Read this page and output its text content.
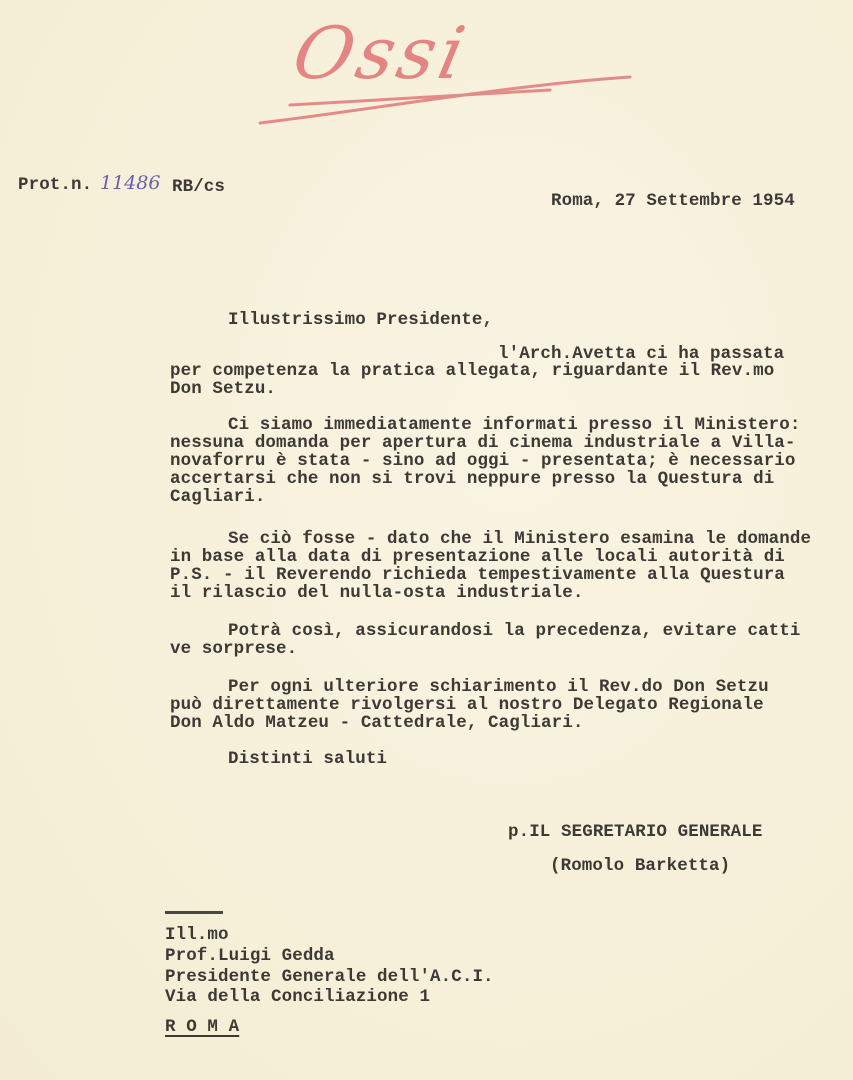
Ossi
Prot.n. 11486 RB/cs
Roma, 27 Settembre 1954
Illustrissimo Presidente,
l'Arch.Avetta ci ha passata
per competenza la pratica allegata, riguardante il Rev.mo
Don Setzu.
Ci siamo immediatamente informati presso il Ministero:
nessuna domanda per apertura di cinema industriale a Villa-
novaforru è stata - sino ad oggi - presentata; è necessario
accertarsi che non si trovi neppure presso la Questura di
Cagliari.
Se ciò fosse - dato che il Ministero esamina le domande
in base alla data di presentazione alle locali autorità di
P.S. - il Reverendo richieda tempestivamente alla Questura
il rilascio del nulla-osta industriale.
Potrà così, assicurandosi la precedenza, evitare catti
ve sorprese.
Per ogni ulteriore schiarimento il Rev.do Don Setzu
può direttamente rivolgersi al nostro Delegato Regionale
Don Aldo Matzeu - Cattedrale, Cagliari.
Distinti saluti
p.IL SEGRETARIO GENERALE
(Romolo Barketta)
Ill.mo
Prof.Luigi Gedda
Presidente Generale dell'A.C.I.
Via della Conciliazione 1
R O M A
